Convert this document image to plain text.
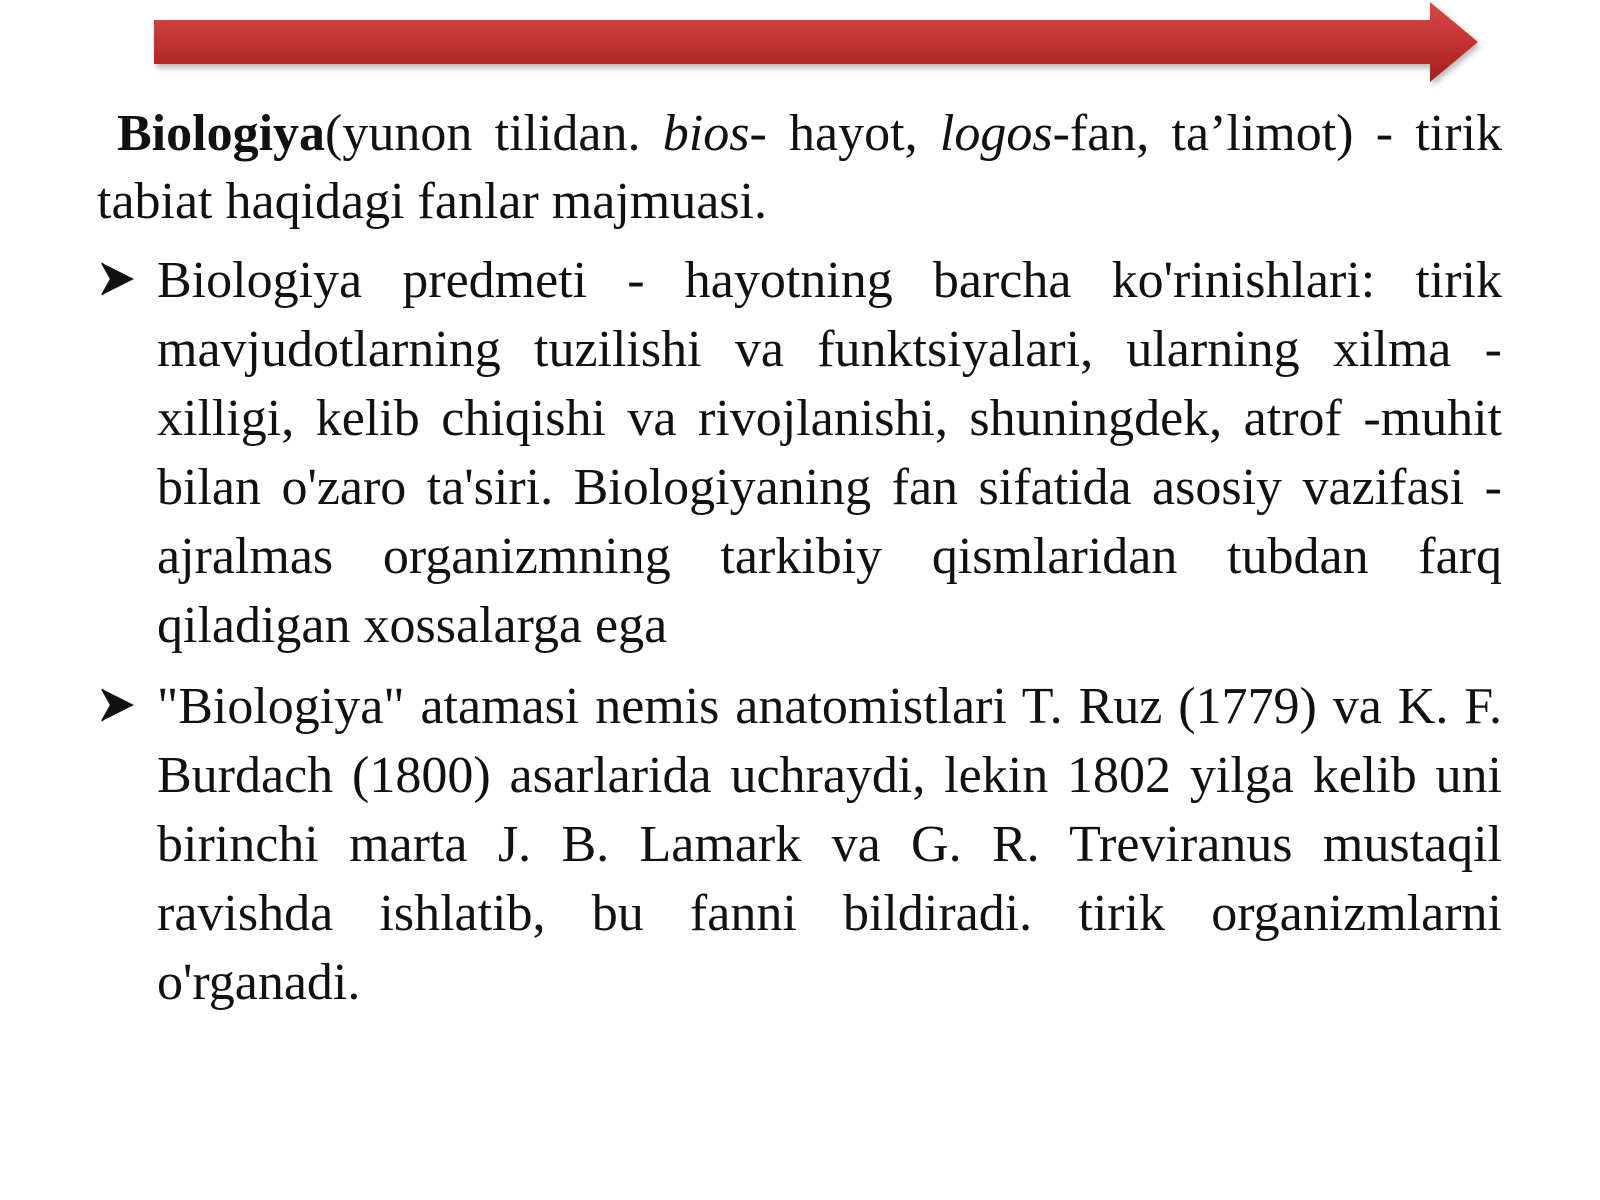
Biologiya(yunon tilidan. bios- hayot, logos-fan, ta’limot) - tirik tabiat haqidagi fanlar majmuasi.

Biologiya predmeti - hayotning barcha ko'rinishlari: tirik mavjudotlarning tuzilishi va funktsiyalari, ularning xilma -xilligi, kelib chiqishi va rivojlanishi, shuningdek, atrof -muhit bilan o'zaro ta'siri. Biologiyaning fan sifatida asosiy vazifasi - ajralmas organizmning tarkibiy qismlaridan tubdan farq qiladigan xossalarga ega
"Biologiya" atamasi nemis anatomistlari T. Ruz (1779) va K. F. Burdach (1800) asarlarida uchraydi, lekin 1802 yilga kelib uni birinchi marta J. B. Lamark va G. R. Treviranus mustaqil ravishda ishlatib, bu fanni bildiradi. tirik organizmlarni o'rganadi.
